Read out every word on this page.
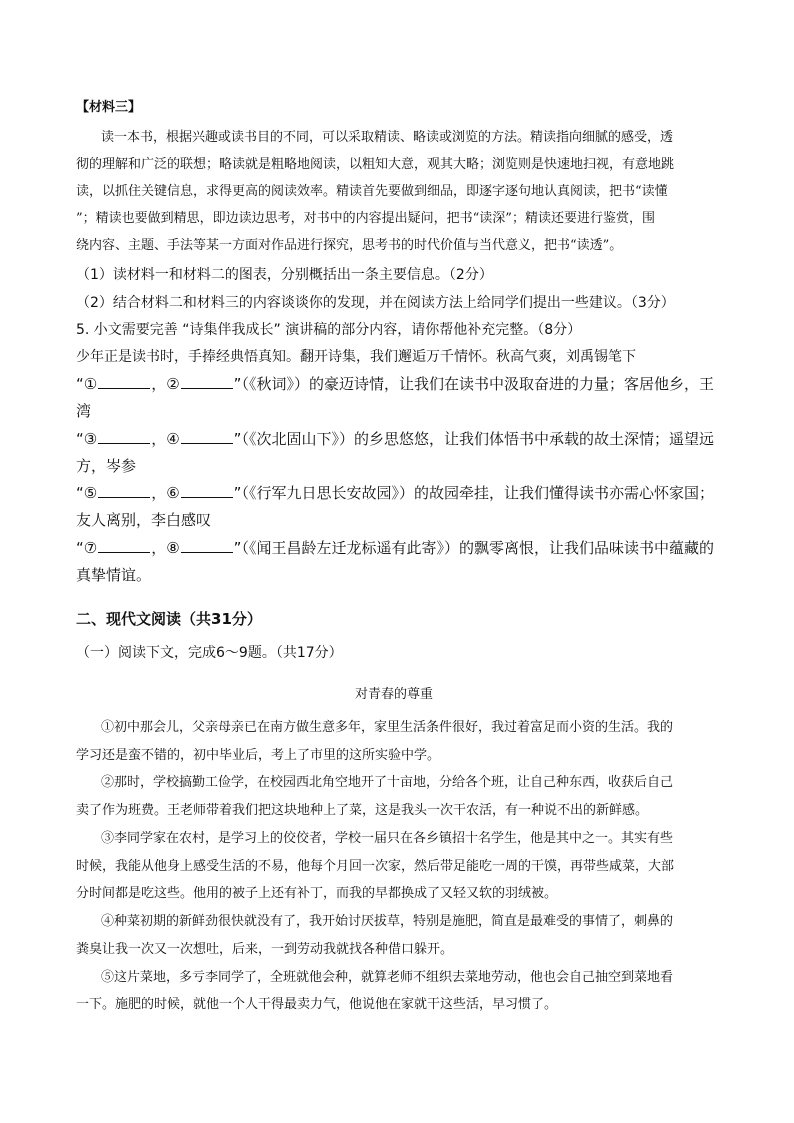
【材料三】
读一本书，根据兴趣或读书目的不同，可以采取精读、略读或浏览的方法。精读指向细腻的感受，透
彻的理解和广泛的联想；略读就是粗略地阅读，以粗知大意，观其大略；浏览则是快速地扫视，有意地跳
读，以抓住关键信息，求得更高的阅读效率。精读首先要做到细品，即逐字逐句地认真阅读，把书“读懂
”；精读也要做到精思，即边读边思考，对书中的内容提出疑问，把书“读深”；精读还要进行鉴赏，围
绕内容、主题、手法等某一方面对作品进行探究，思考书的时代价值与当代意义，把书“读透”。
（1）读材料一和材料二的图表，分别概括出一条主要信息。（2分）
（2）结合材料二和材料三的内容谈谈你的发现，并在阅读方法上给同学们提出一些建议。（3分）
5. 小文需要完善 “诗集伴我成长” 演讲稿的部分内容，请你帮他补充完整。（8分）
少年正是读书时，手捧经典悟真知。翻开诗集，我们邂逅万千情怀。秋高气爽，刘禹锡笔下
“①	，②	”（《秋词》）的豪迈诗情，让我们在读书中汲取奋进的力量；客居他乡，王
湾
“③	，④	”（《次北固山下》）的乡思悠悠，让我们体悟书中承载的故土深情；遥望远
方，岑参
“⑤	，⑥	”（《行军九日思长安故园》）的故园牵挂，让我们懂得读书亦需心怀家国；
友人离别，李白感叹
“⑦	，⑧	”（《闻王昌龄左迁龙标遥有此寄》）的飘零离恨，让我们品味读书中蕴藏的
真挚情谊。
二、现代文阅读（共31分）
（一）阅读下文，完成6～9题。（共17分）
对青春的尊重
①初中那会儿，父亲母亲已在南方做生意多年，家里生活条件很好，我过着富足而小资的生活。我的
学习还是蛮不错的，初中毕业后，考上了市里的这所实验中学。
②那时，学校搞勤工俭学，在校园西北角空地开了十亩地，分给各个班，让自己种东西，收获后自己
卖了作为班费。王老师带着我们把这块地种上了菜，这是我头一次干农活，有一种说不出的新鲜感。
③李同学家在农村，是学习上的佼佼者，学校一届只在各乡镇招十名学生，他是其中之一。其实有些
时候，我能从他身上感受生活的不易，他每个月回一次家，然后带足能吃一周的干馍，再带些咸菜，大部
分时间都是吃这些。他用的被子上还有补丁，而我的早都换成了又轻又软的羽绒被。
④种菜初期的新鲜劲很快就没有了，我开始讨厌拔草，特别是施肥，简直是最难受的事情了，刺鼻的
粪臭让我一次又一次想吐，后来，一到劳动我就找各种借口躲开。
⑤这片菜地，多亏李同学了，全班就他会种，就算老师不组织去菜地劳动，他也会自己抽空到菜地看
一下。施肥的时候，就他一个人干得最卖力气，他说他在家就干这些活，早习惯了。
